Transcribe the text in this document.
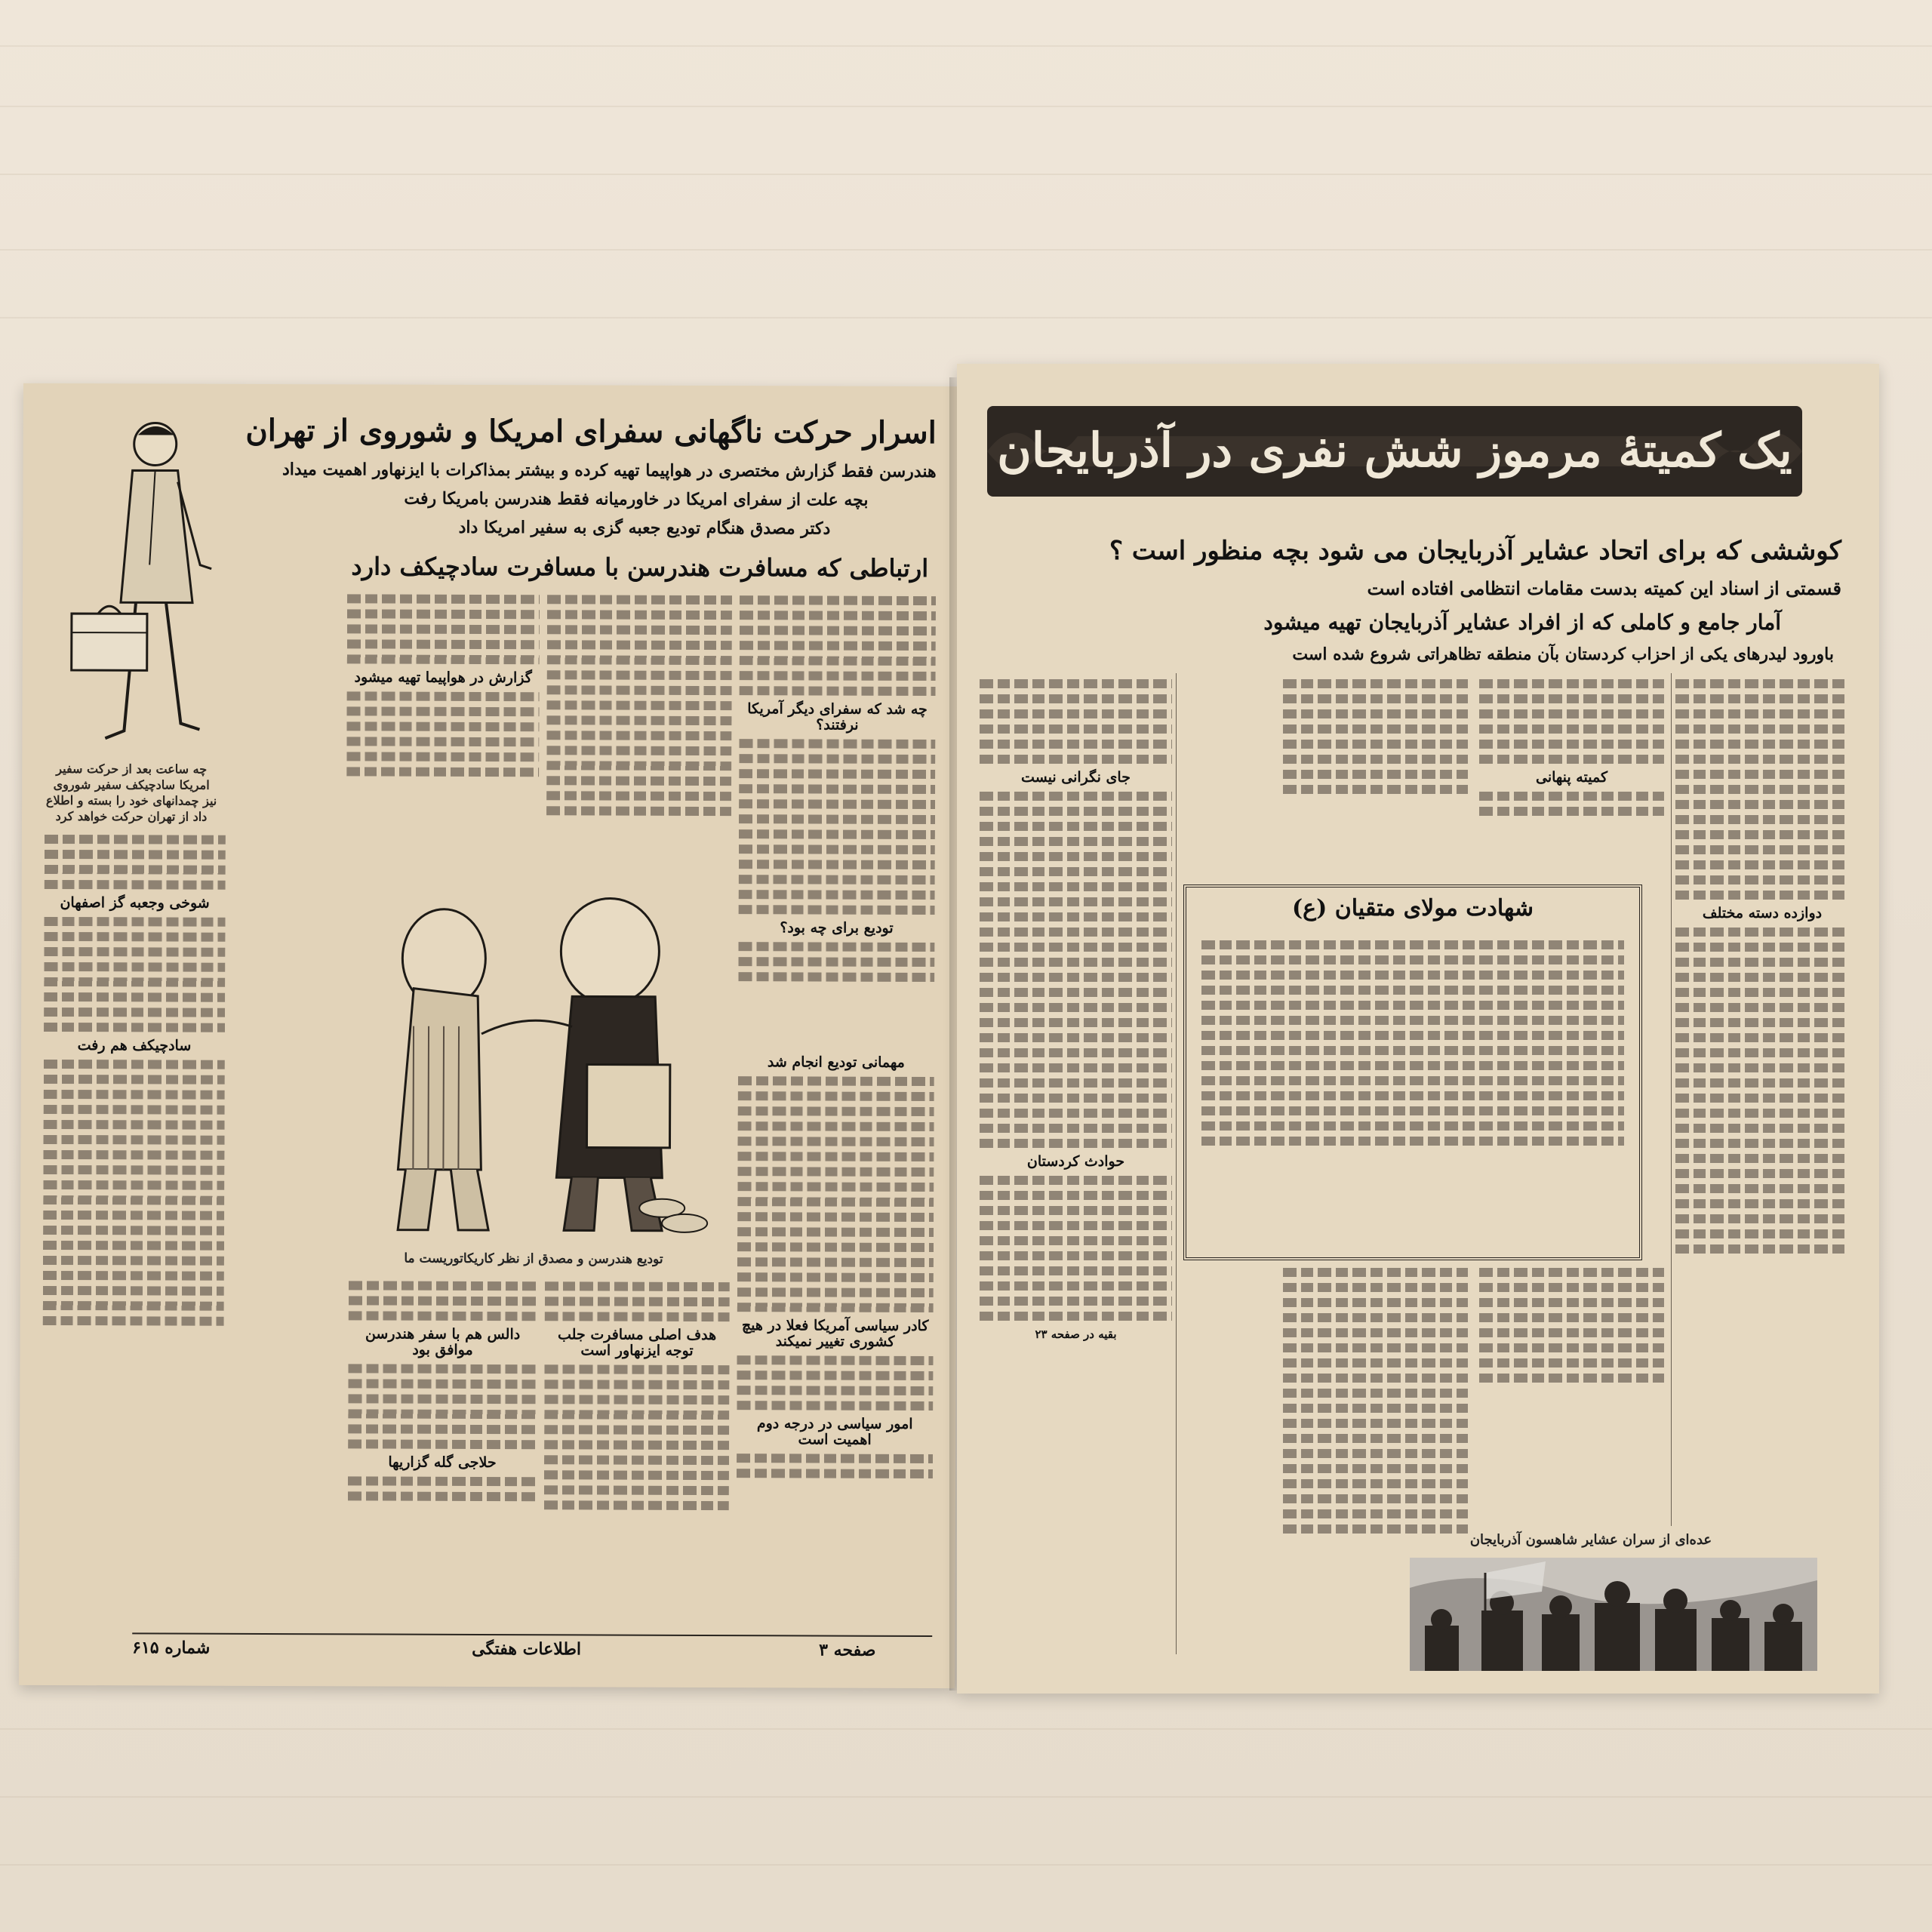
اسرار حرکت ناگهانی سفرای امریکا و شوروی از تهران
هندرسن فقط گزارش مختصری در هواپیما تهیه کرده و بیشتر بمذاکرات با ایزنهاور اهمیت میداد
بچه علت از سفرای امریکا در خاورمیانه فقط هندرسن بامریکا رفت
دکتر مصدق هنگام تودیع جعبه گزی به سفیر امریکا داد
ارتباطی که مسافرت هندرسن با مسافرت سادچیکف دارد
چه ساعت بعد از حرکت سفیر امریکا سادچیکف سفیر شوروی نیز چمدانهای خود را بسته و اطلاع داد از تهران حرکت خواهد کرد
چه شد که سفرای دیگر آمریکا نرفتند؟
تودیع برای چه بود؟
گزارش در هواپیما تهیه میشود
شوخی وجعبه گز اصفهان
سادچیکف هم رفت
تودیع هندرسن و مصدق از نظر کاریکاتوریست ما
مهمانی تودیع انجام شد
کادر سیاسی آمریکا فعلا در هیچ کشوری تغییر نمیکند
امور سیاسی در درجه دوم اهمیت است
هدف اصلی مسافرت جلب توجه ایزنهاور است
دالس هم با سفر هندرسن موافق بود
حلاجی گله گزاریها
شماره ۶۱۵	اطلاعات هفتگی	صفحه ۳
یک کمیتهٔ مرموز شش نفری در آذربایجان
کوششی که برای اتحاد عشایر آذربایجان می شود بچه منظور است ؟
قسمتی از اسناد این کمیته بدست مقامات انتظامی افتاده است
آمار جامع و کاملی که از افراد عشایر آذربایجان تهیه میشود
باورود لیدرهای یکی از احزاب کردستان بآن منطقه تظاهراتی شروع شده است
دوازده دسته مختلف
کمیته پنهانی
جای نگرانی نیست
حوادث کردستان
بقیه در صفحه ۲۳
شهادت مولای متقیان (ع)
عده‌ای از سران عشایر شاهسون آذربایجان
